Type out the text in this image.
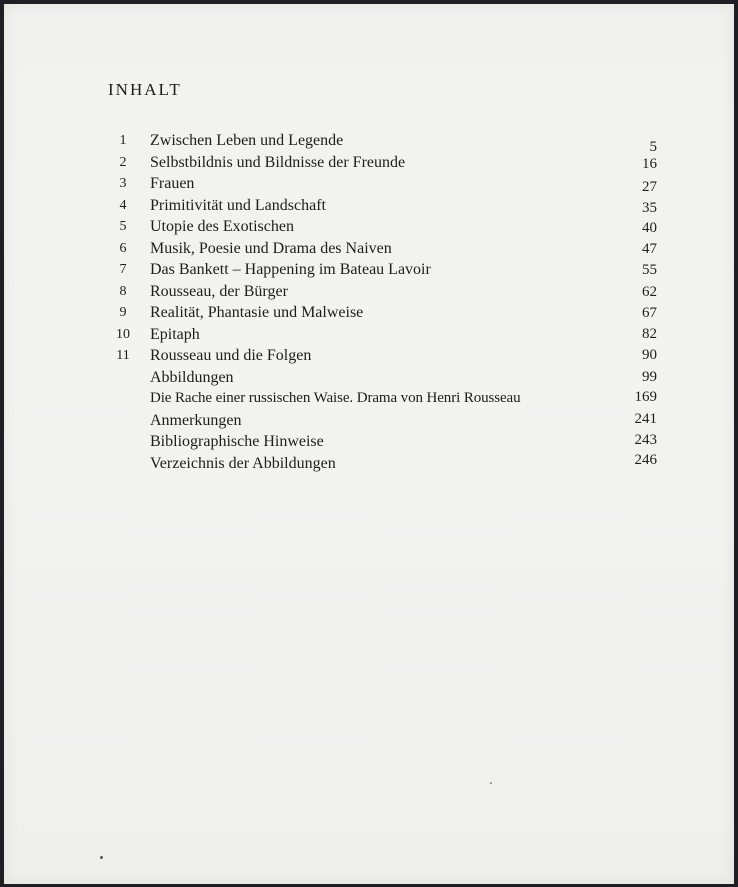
INHALT
1	Zwischen Leben und Legende	5
2	Selbstbildnis und Bildnisse der Freunde	16
3	Frauen	27
4	Primitivität und Landschaft	35
5	Utopie des Exotischen	40
6	Musik, Poesie und Drama des Naiven	47
7	Das Bankett – Happening im Bateau Lavoir	55
8	Rousseau, der Bürger	62
9	Realität, Phantasie und Malweise	67
10 Epitaph	82
11 Rousseau und die Folgen	90
Abbildungen	99
Die Rache einer russischen Waise. Drama von Henri Rousseau	169
Anmerkungen	241
Bibliographische Hinweise	243
Verzeichnis der Abbildungen	246
